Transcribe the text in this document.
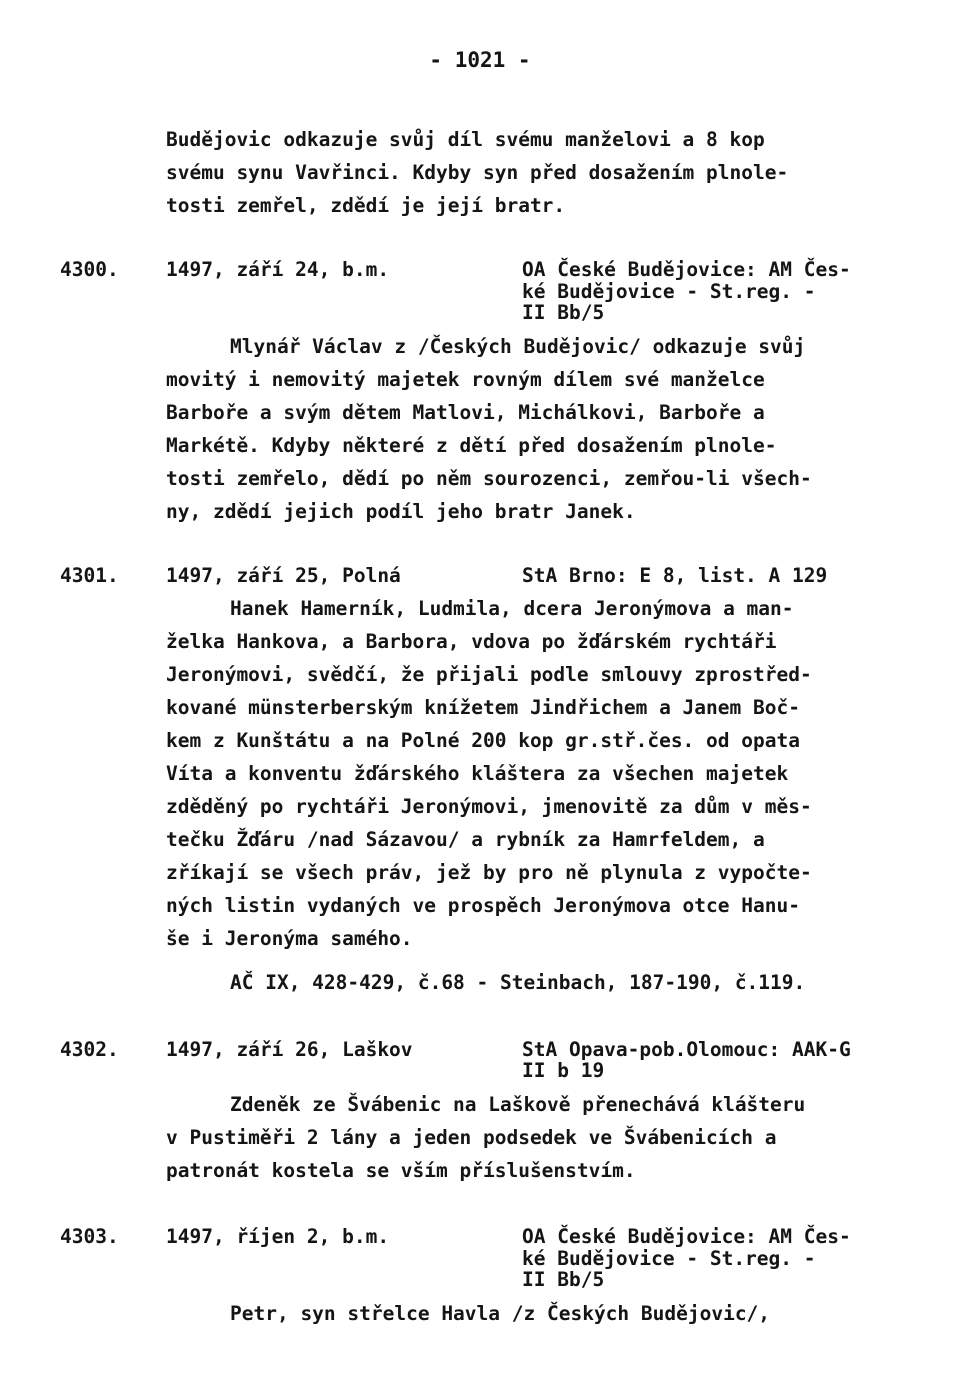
- 1021 -
Budějovic odkazuje svůj díl svému manželovi a 8 kop
svému synu Vavřinci. Kdyby syn před dosažením plnole-
tosti zemřel, zdědí je její bratr.
4300. 1497, září 24, b.m.	OA České Budějovice: AM Čes-
ké Budějovice - St.reg. -
II Bb/5
Mlynář Václav z /Českých Budějovic/ odkazuje svůj
movitý i nemovitý majetek rovným dílem své manželce
Barboře a svým dětem Matlovi, Michálkovi, Barboře a
Markétě. Kdyby některé z dětí před dosažením plnole-
tosti zemřelo, dědí po něm sourozenci, zemřou-li všech-
ny, zdědí jejich podíl jeho bratr Janek.
4301. 1497, září 25, Polná	StA Brno: E 8, list. A 129
Hanek Hamerník, Ludmila, dcera Jeronýmova a man-
želka Hankova, a Barbora, vdova po žďárském rychtáři
Jeronýmovi, svědčí, že přijali podle smlouvy zprostřed-
kované münsterberským knížetem Jindřichem a Janem Boč-
kem z Kunštátu a na Polné 200 kop gr.stř.čes. od opata
Víta a konventu žďárského kláštera za všechen majetek
zděděný po rychtáři Jeronýmovi, jmenovitě za dům v měs-
tečku Žďáru /nad Sázavou/ a rybník za Hamrfeldem, a
zříkají se všech práv, jež by pro ně plynula z vypočte-
ných listin vydaných ve prospěch Jeronýmova otce Hanu-
še i Jeronýma samého.
AČ IX, 428-429, č.68 - Steinbach, 187-190, č.119.
4302. 1497, září 26, Laškov	StA Opava-pob.Olomouc: AAK-G
II b 19
Zdeněk ze Švábenic na Laškově přenechává klášteru
v Pustiměři 2 lány a jeden podsedek ve Švábenicích a
patronát kostela se vším příslušenstvím.
4303. 1497, říjen 2, b.m.	OA České Budějovice: AM Čes-
ké Budějovice - St.reg. -
II Bb/5
Petr, syn střelce Havla /z Českých Budějovic/,
